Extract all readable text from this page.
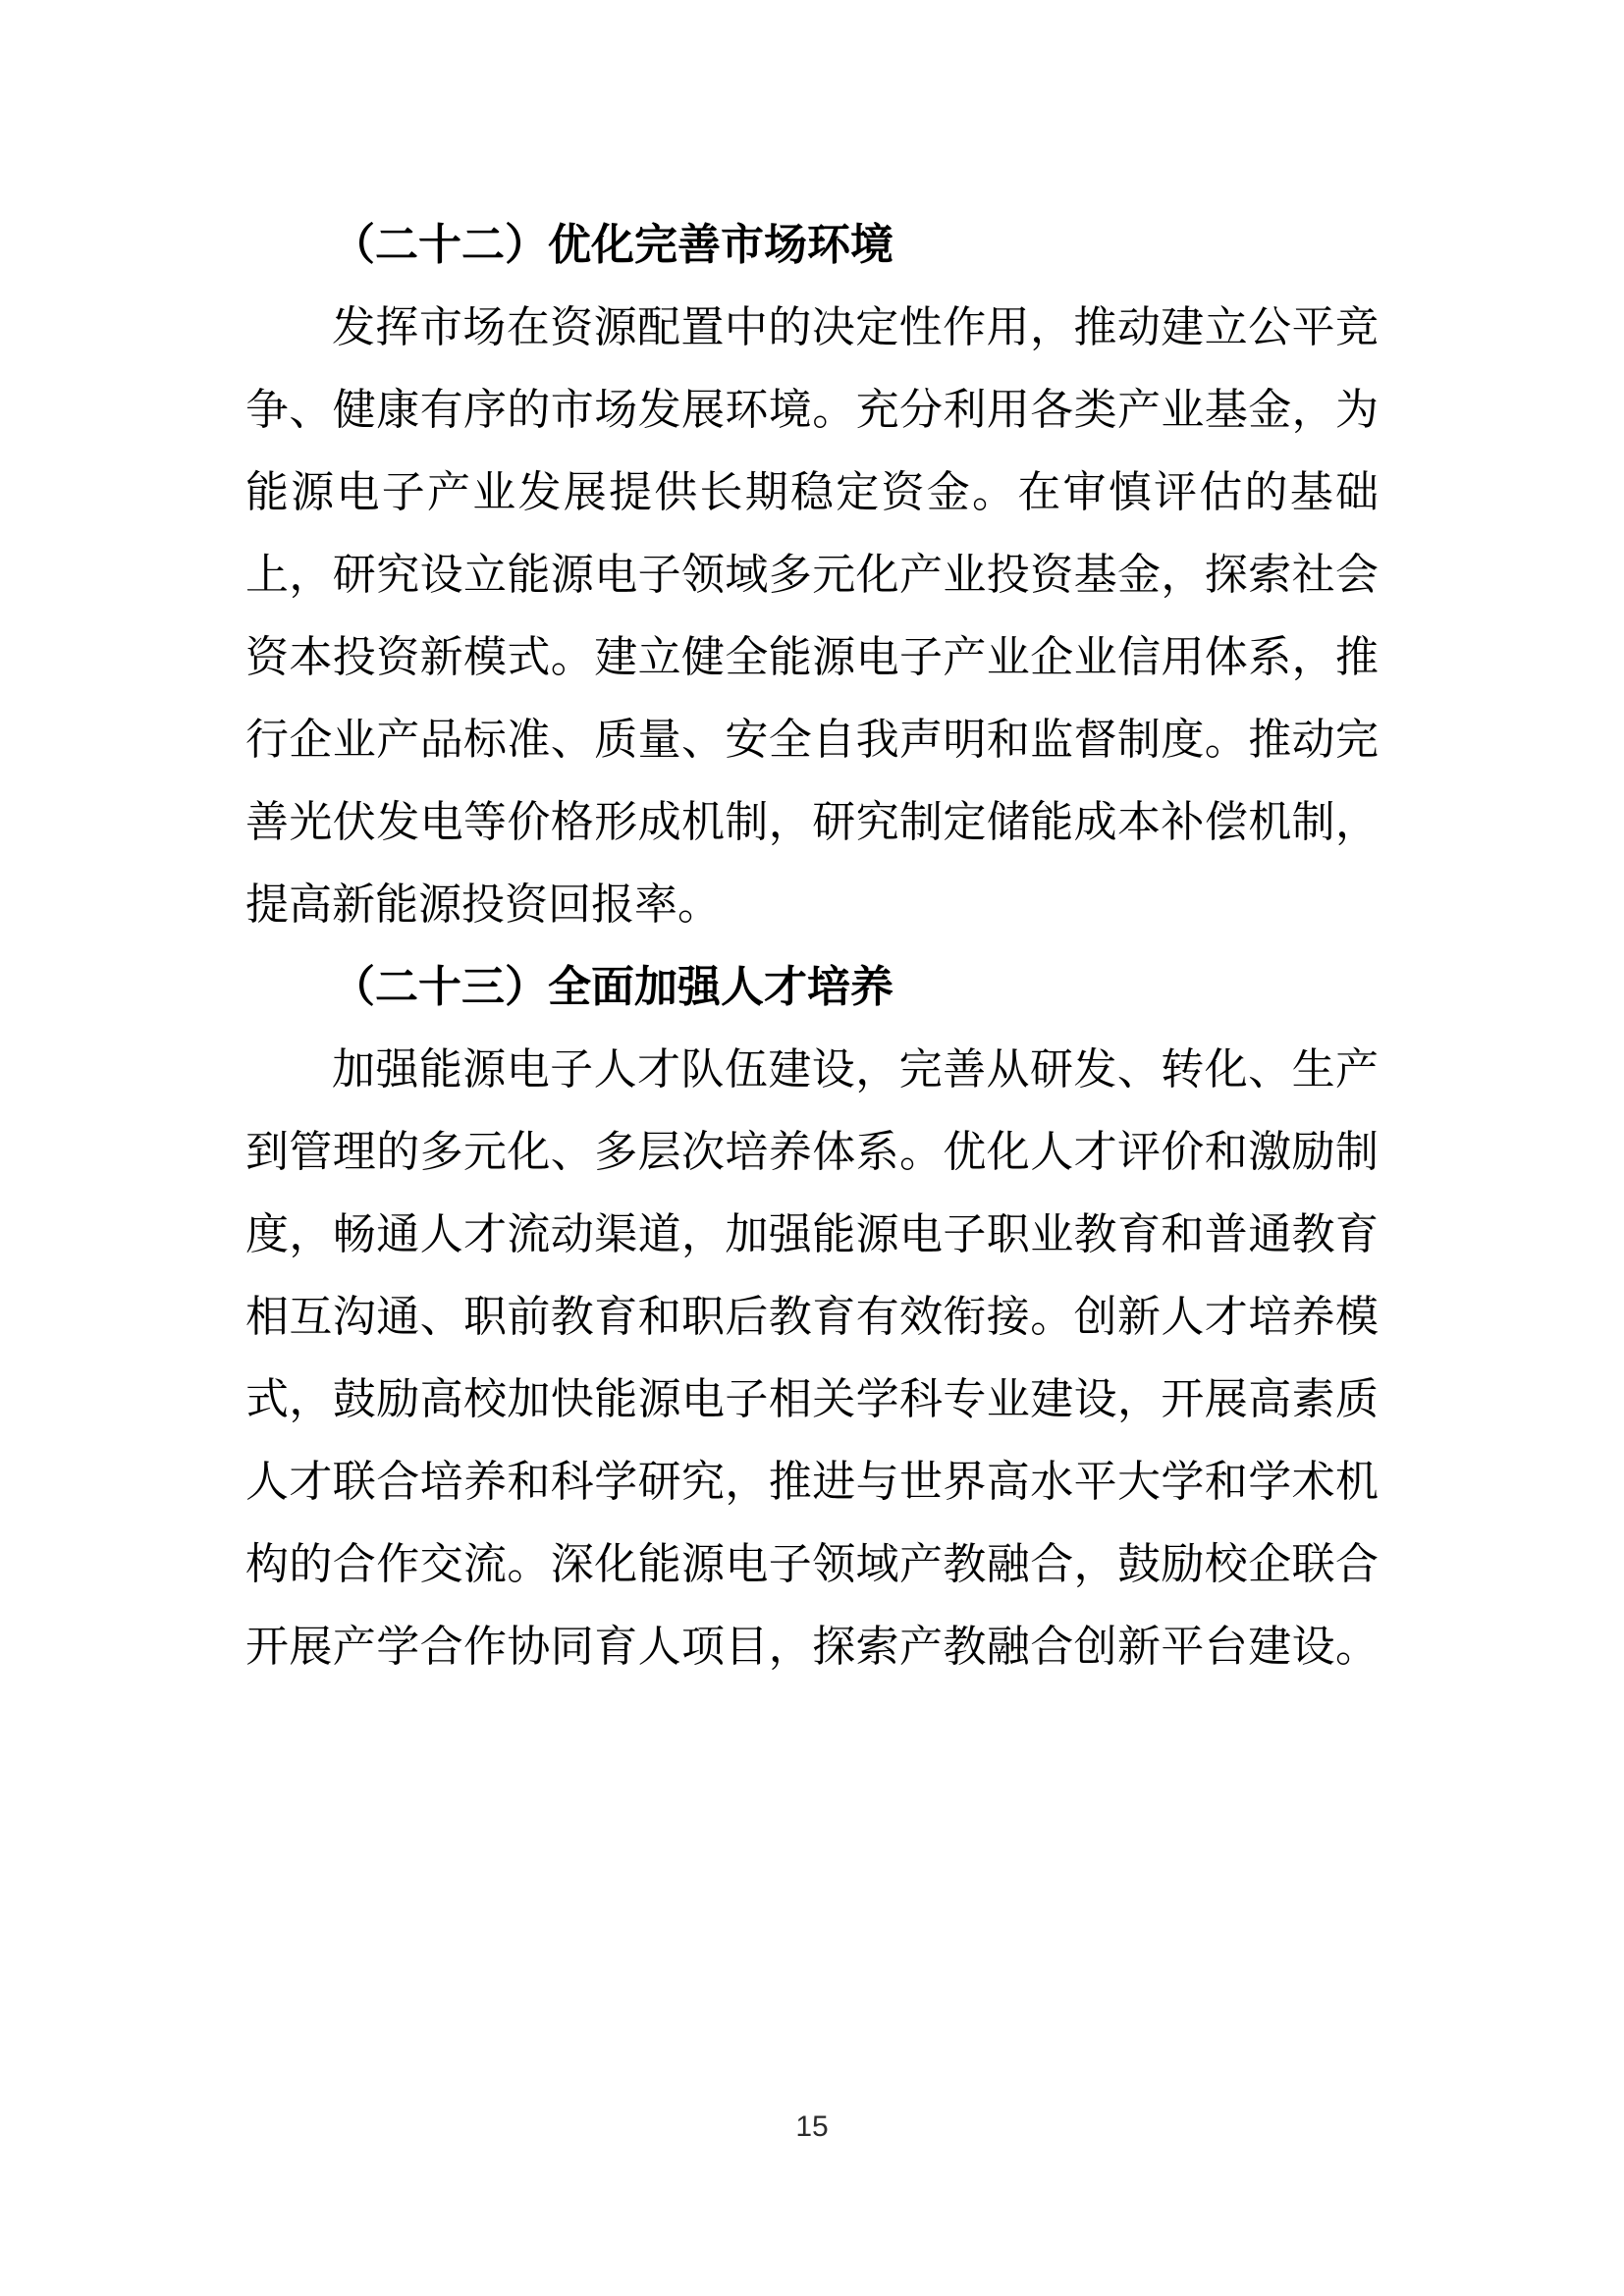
（二十二）优化完善市场环境
发挥市场在资源配置中的决定性作用，推动建立公平竞
争、健康有序的市场发展环境。充分利用各类产业基金，为
能源电子产业发展提供长期稳定资金。在审慎评估的基础
上，研究设立能源电子领域多元化产业投资基金，探索社会
资本投资新模式。建立健全能源电子产业企业信用体系，推
行企业产品标准、质量、安全自我声明和监督制度。推动完
善光伏发电等价格形成机制，研究制定储能成本补偿机制，
提高新能源投资回报率。
（二十三）全面加强人才培养
加强能源电子人才队伍建设，完善从研发、转化、生产
到管理的多元化、多层次培养体系。优化人才评价和激励制
度，畅通人才流动渠道，加强能源电子职业教育和普通教育
相互沟通、职前教育和职后教育有效衔接。创新人才培养模
式，鼓励高校加快能源电子相关学科专业建设，开展高素质
人才联合培养和科学研究，推进与世界高水平大学和学术机
构的合作交流。深化能源电子领域产教融合，鼓励校企联合
开展产学合作协同育人项目，探索产教融合创新平台建设。
15
